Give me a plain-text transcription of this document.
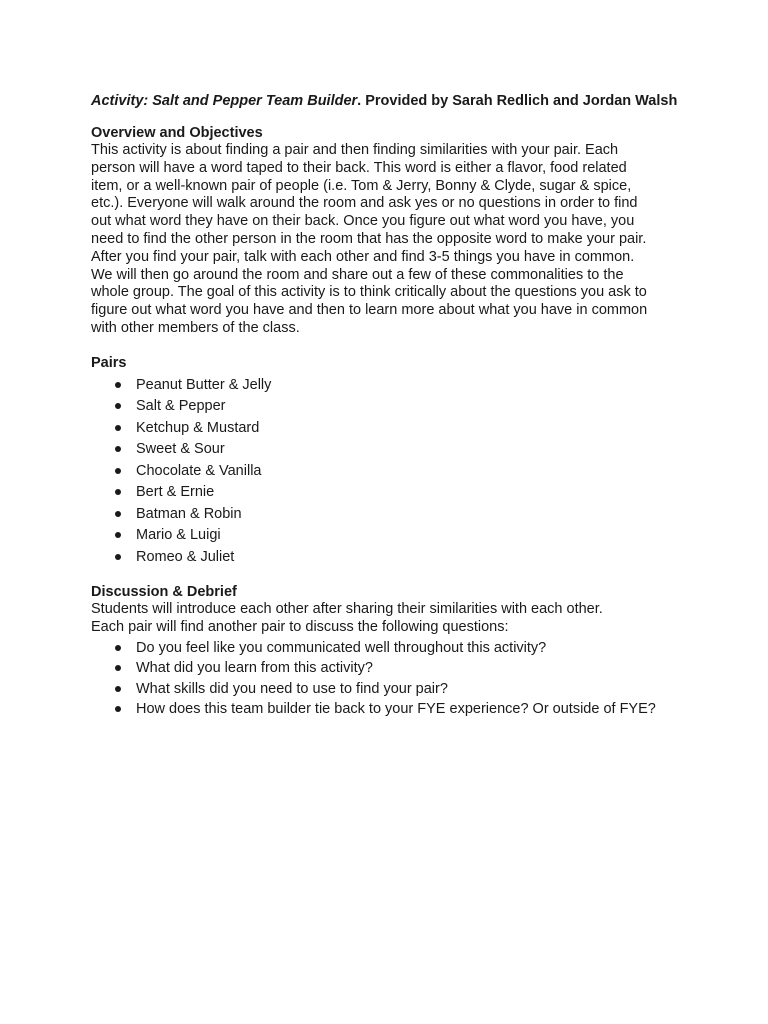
Activity: Salt and Pepper Team Builder. Provided by Sarah Redlich and Jordan Walsh

Overview and Objectives

This activity is about finding a pair and then finding similarities with your pair. Each
person will have a word taped to their back. This word is either a flavor, food related
item, or a well-known pair of people (i.e. Tom & Jerry, Bonny & Clyde, sugar & spice,
etc.). Everyone will walk around the room and ask yes or no questions in order to find
out what word they have on their back. Once you figure out what word you have, you
need to find the other person in the room that has the opposite word to make your pair.
After you find your pair, talk with each other and find 3-5 things you have in common.
We will then go around the room and share out a few of these commonalities to the
whole group. The goal of this activity is to think critically about the questions you ask to
figure out what word you have and then to learn more about what you have in common
with other members of the class.

Pairs

Peanut Butter & Jelly
Salt & Pepper
Ketchup & Mustard
Sweet & Sour
Chocolate & Vanilla
Bert & Ernie
Batman & Robin
Mario & Luigi
Romeo & Juliet

Discussion & Debrief

Students will introduce each other after sharing their similarities with each other.
Each pair will find another pair to discuss the following questions:
Do you feel like you communicated well throughout this activity?
What did you learn from this activity?
What skills did you need to use to find your pair?
How does this team builder tie back to your FYE experience? Or outside of FYE?
